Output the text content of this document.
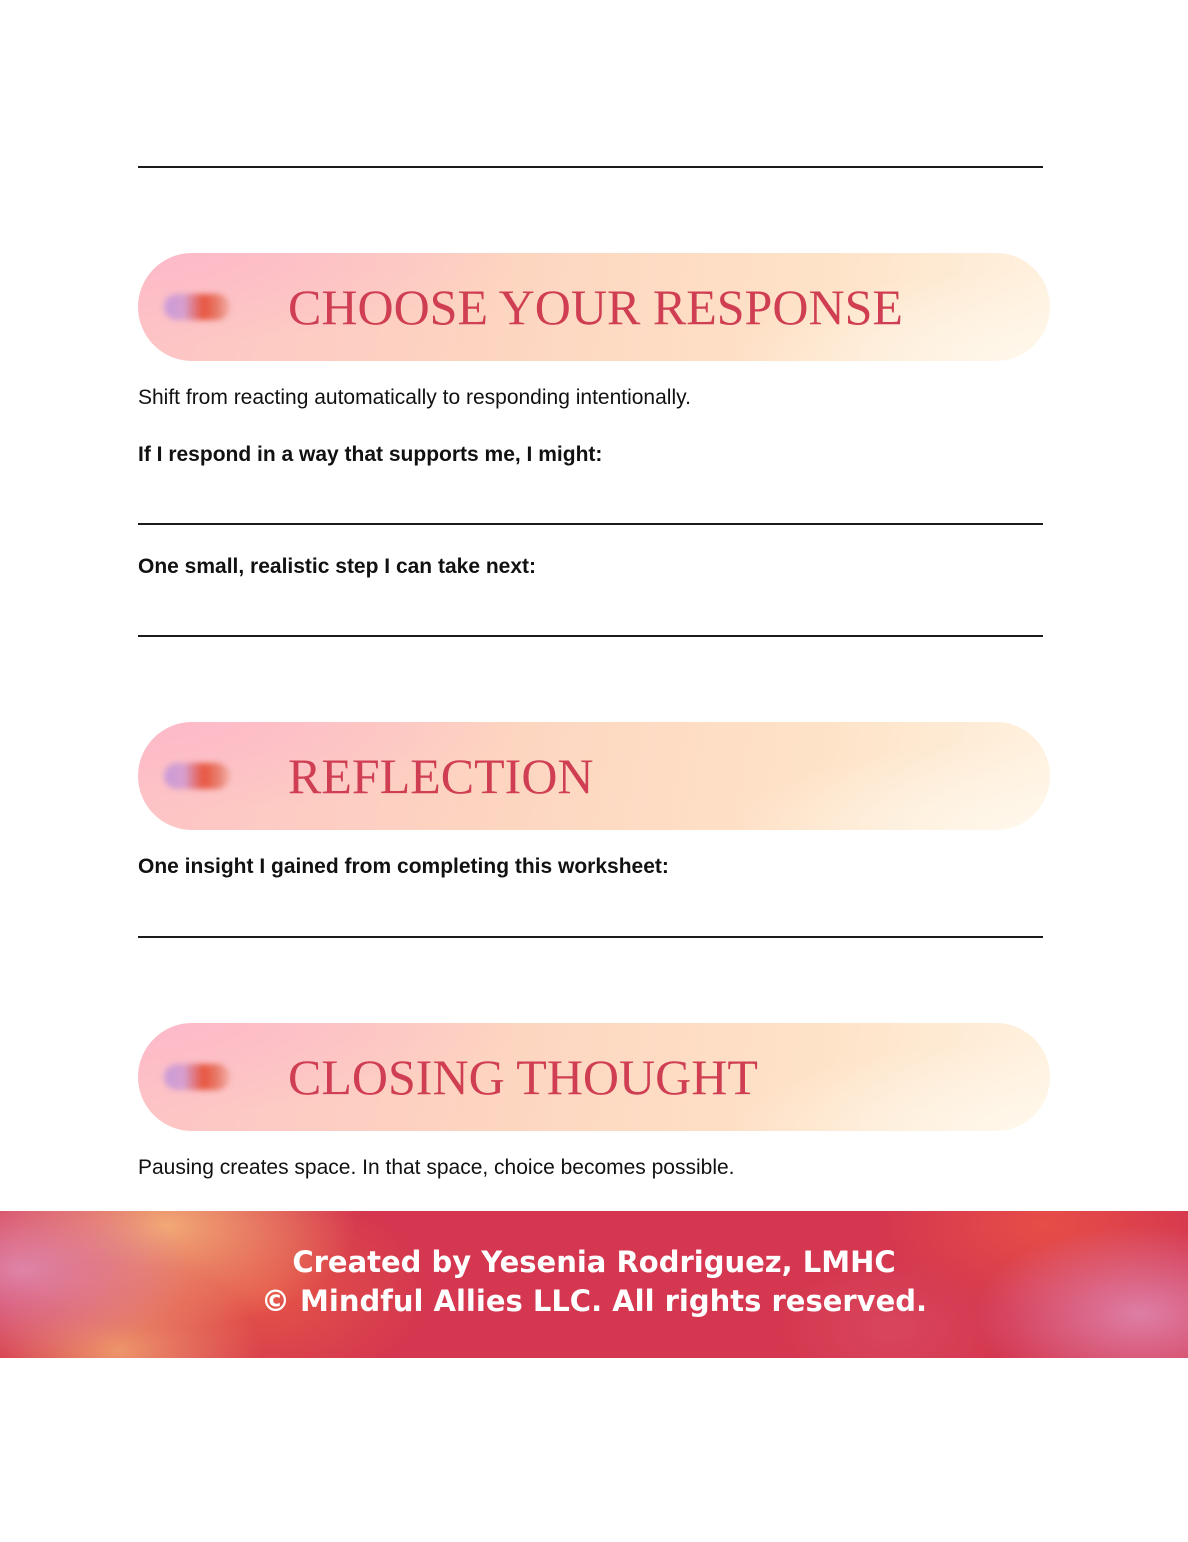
CHOOSE YOUR RESPONSE
Shift from reacting automatically to responding intentionally.
If I respond in a way that supports me, I might:
One small, realistic step I can take next:
REFLECTION
One insight I gained from completing this worksheet:
CLOSING THOUGHT
Pausing creates space. In that space, choice becomes possible.
Created by Yesenia Rodriguez, LMHC
© Mindful Allies LLC. All rights reserved.
